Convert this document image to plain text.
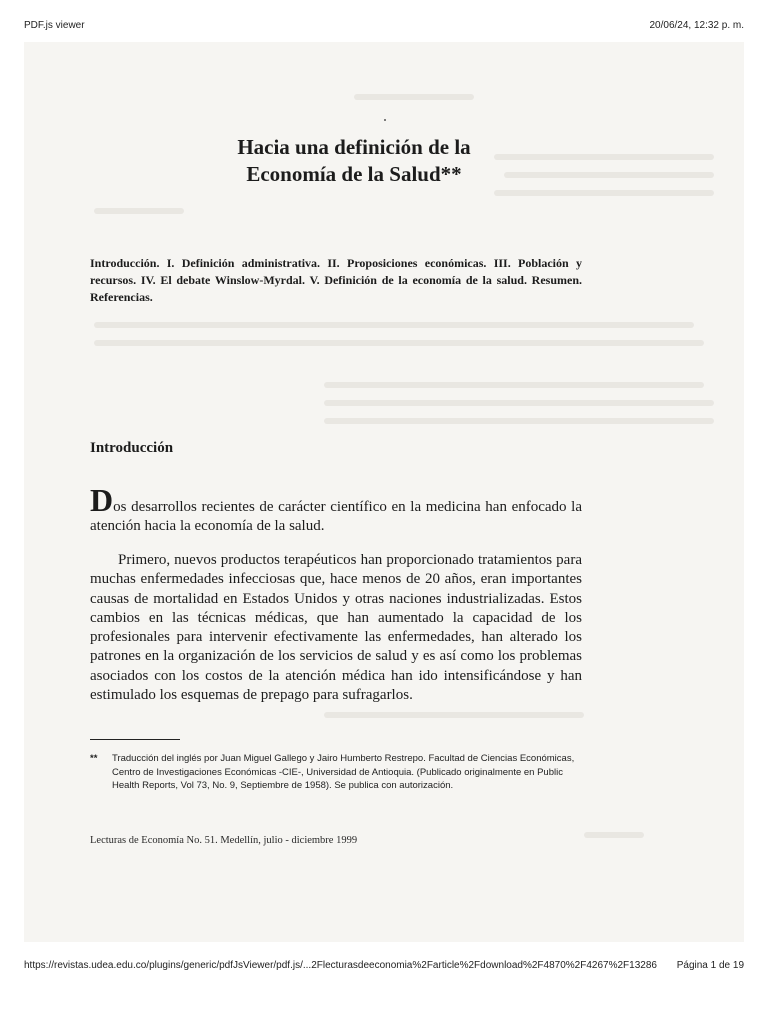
PDF.js viewer	20/06/24, 12:32 p. m.
Hacia una definición de la
Economía de la Salud**
Introducción. I. Definición administrativa. II. Proposiciones económicas. III. Población y recursos. IV. El debate Winslow-Myrdal. V. Definición de la economía de la salud. Resumen. Referencias.
Introducción
Dos desarrollos recientes de carácter científico en la medicina han enfocado la atención hacia la economía de la salud.
Primero, nuevos productos terapéuticos han proporcionado tratamientos para muchas enfermedades infecciosas que, hace menos de 20 años, eran importantes causas de mortalidad en Estados Unidos y otras naciones industrializadas. Estos cambios en las técnicas médicas, que han aumentado la capacidad de los profesionales para intervenir efectivamente las enfermedades, han alterado los patrones en la organización de los servicios de salud y es así como los problemas asociados con los costos de la atención médica han ido intensificándose y han estimulado los esquemas de prepago para sufragarlos.
**	Traducción del inglés por Juan Miguel Gallego y Jairo Humberto Restrepo. Facultad de Ciencias Económicas, Centro de Investigaciones Económicas -CIE-, Universidad de Antioquia. (Publicado originalmente en Public Health Reports, Vol 73, No. 9, Septiembre de 1958). Se publica con autorización.
Lecturas de Economía No. 51. Medellín, julio - diciembre 1999
https://revistas.udea.edu.co/plugins/generic/pdfJsViewer/pdf.js/...2Flecturasdeeconomia%2Farticle%2Fdownload%2F4870%2F4267%2F13286 Página 1 de 19
